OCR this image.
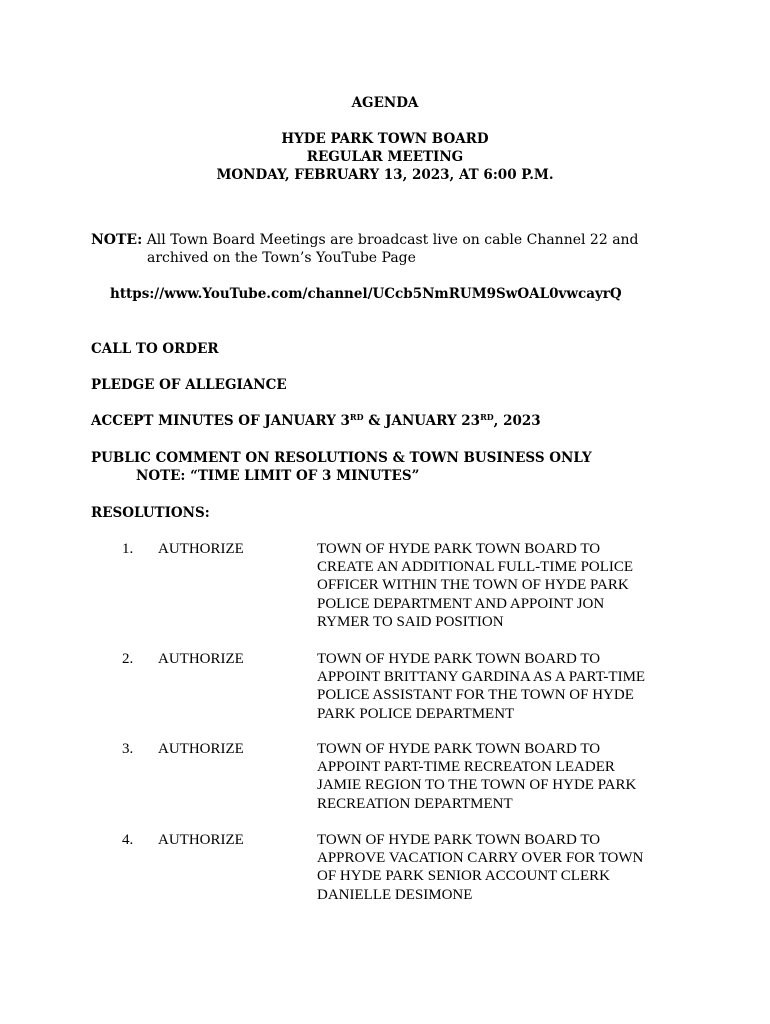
AGENDA
HYDE PARK TOWN BOARD
REGULAR MEETING
MONDAY, FEBRUARY 13, 2023, AT 6:00 P.M.
NOTE: All Town Board Meetings are broadcast live on cable Channel 22 and
archived on the Town’s YouTube Page
https://www.YouTube.com/channel/UCcb5NmRUM9SwOAL0vwcayrQ
CALL TO ORDER
PLEDGE OF ALLEGIANCE
ACCEPT MINUTES OF JANUARY 3RD & JANUARY 23RD, 2023
PUBLIC COMMENT ON RESOLUTIONS & TOWN BUSINESS ONLY
NOTE: “TIME LIMIT OF 3 MINUTES”
RESOLUTIONS:
1. AUTHORIZE	TOWN OF HYDE PARK TOWN BOARD TO
CREATE AN ADDITIONAL FULL-TIME POLICE
OFFICER WITHIN THE TOWN OF HYDE PARK
POLICE DEPARTMENT AND APPOINT JON
RYMER TO SAID POSITION
2. AUTHORIZE	TOWN OF HYDE PARK TOWN BOARD TO
APPOINT BRITTANY GARDINA AS A PART-TIME
POLICE ASSISTANT FOR THE TOWN OF HYDE
PARK POLICE DEPARTMENT
3. AUTHORIZE	TOWN OF HYDE PARK TOWN BOARD TO
APPOINT PART-TIME RECREATON LEADER
JAMIE REGION TO THE TOWN OF HYDE PARK
RECREATION DEPARTMENT
4. AUTHORIZE	TOWN OF HYDE PARK TOWN BOARD TO
APPROVE VACATION CARRY OVER FOR TOWN
OF HYDE PARK SENIOR ACCOUNT CLERK
DANIELLE DESIMONE
